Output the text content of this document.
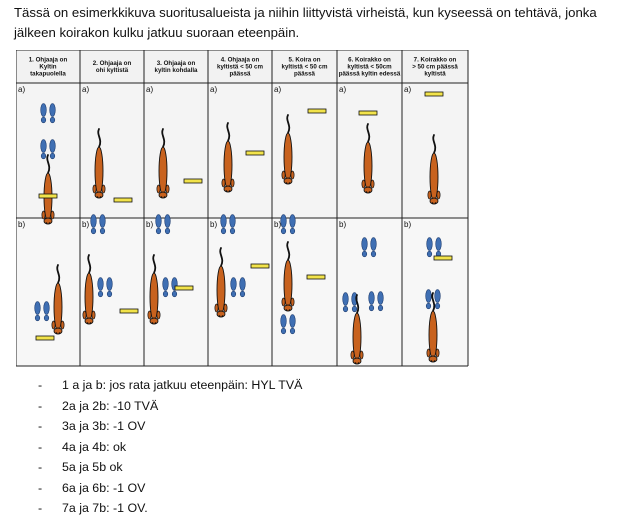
Tässä on esimerkkikuva suoritusalueista ja niihin liittyvistä virheistä, kun kyseessä on tehtävä, jonka jälkeen koirakon kulku jatkuu suoraan eteenpäin.

1. Ohjaaja on
Kyltin
takapuolella
2. Ohjaaja on
ohi kyltistä
3. Ohjaaja on
kyltin kohdalla
4. Ohjaaja on
kyltistä < 50 cm
päässä
5. Koira on
kyltistä < 50 cm
päässä
6. Koirakko on
kyltistä < 50cm
päässä kyltin edessä
7. Koirakko on
> 50 cm päässä
kyltistä
a)
b)
a)
b)
a)
b)
a)
b)
a)
b)
a)
b)
a)
b)
- 1 a ja b: jos rata jatkuu eteenpäin: HYL TVÄ
- 2a ja 2b: -10 TVÄ
- 3a ja 3b: -1 OV
- 4a ja 4b: ok
- 5a ja 5b ok
- 6a ja 6b: -1 OV
- 7a ja 7b: -1 OV.
